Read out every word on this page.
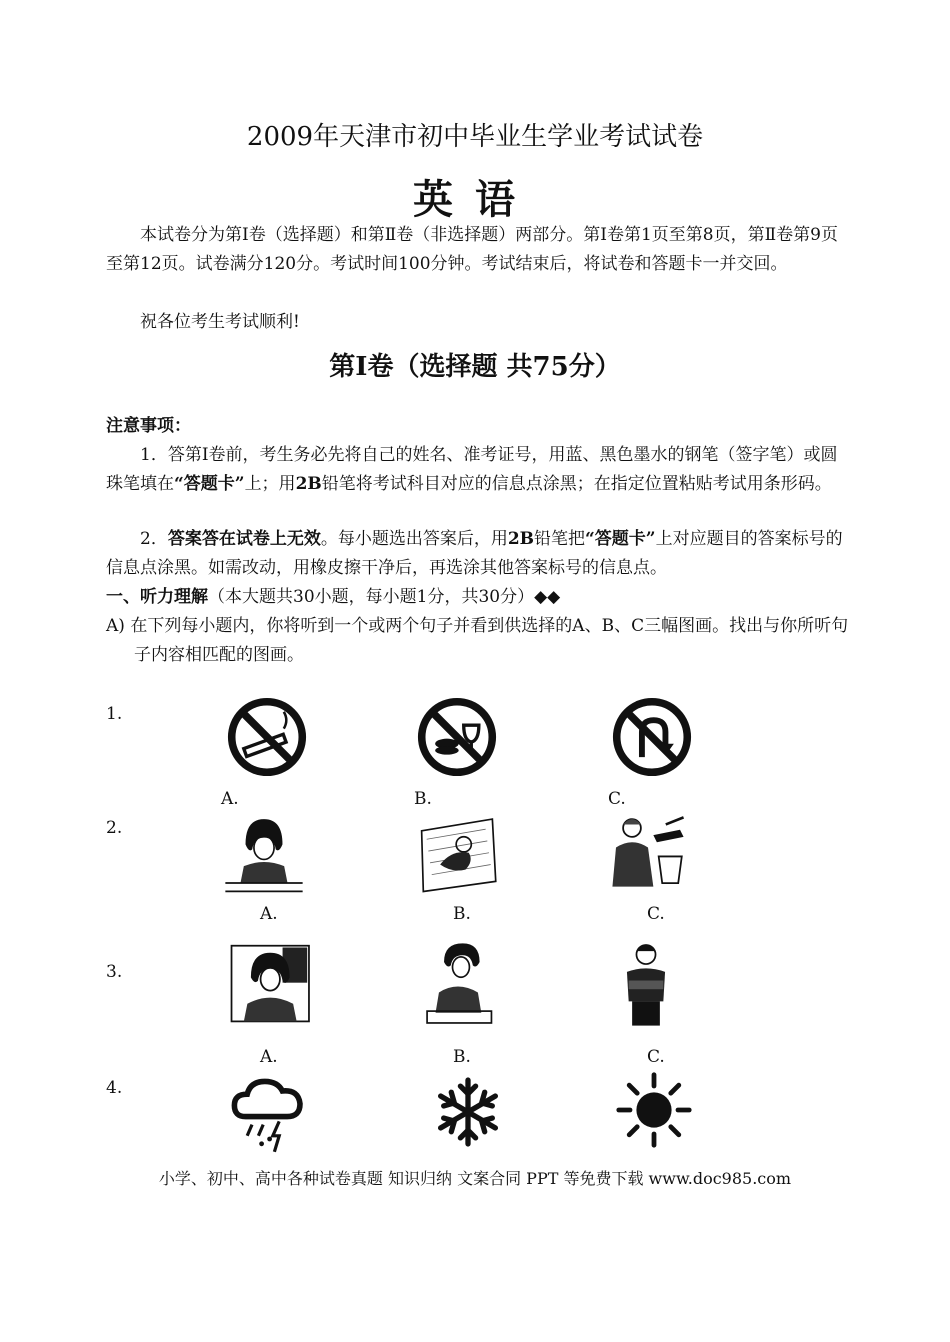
2009年天津市初中毕业生学业考试试卷
英语
本试卷分为第Ⅰ卷（选择题）和第Ⅱ卷（非选择题）两部分。第Ⅰ卷第1页至第8页，第Ⅱ卷第9页至第12页。试卷满分120分。考试时间100分钟。考试结束后，将试卷和答题卡一并交回。
祝各位考生考试顺利!
第Ⅰ卷（选择题 共75分）
注意事项：
1．答第Ⅰ卷前，考生务必先将自己的姓名、准考证号，用蓝、黑色墨水的钢笔（签字笔）或圆珠笔填在“答题卡”上；用2B铅笔将考试科目对应的信息点涂黑；在指定位置粘贴考试用条形码。
2．答案答在试卷上无效。每小题选出答案后，用2B铅笔把“答题卡”上对应题目的答案标号的信息点涂黑。如需改动，用橡皮擦干净后，再选涂其他答案标号的信息点。
一、听力理解（本大题共30小题，每小题1分，共30分）◆◆
A) 在下列每小题内，你将听到一个或两个句子并看到供选择的A、B、C三幅图画。找出与你所听句子内容相匹配的图画。
1.
A.	B.	C.
2.
A.	B.	C.
3.
A.	B.	C.
4.
小学、初中、高中各种试卷真题 知识归纳 文案合同 PPT 等免费下载 www.doc985.com
